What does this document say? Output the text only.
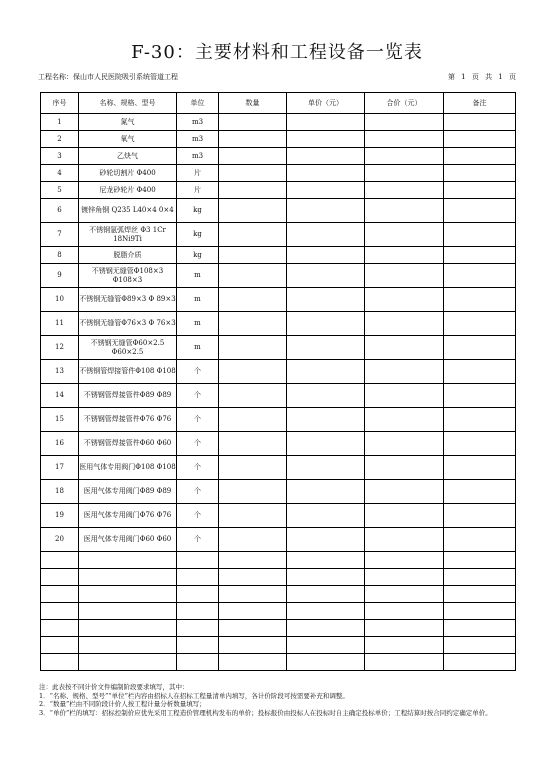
F-30：主要材料和工程设备一览表
工程名称：保山市人民医院吸引系统管道工程	第 1 页 共 1 页
序号	名称、规格、型号	单位	数量	单价（元）	合价（元）	备注
1	氮气	m3				
2	氧气	m3				
3	乙炔气	m3				
4	砂轮切割片 Φ400	片				
5	尼龙砂轮片 Φ400	片				
6	镀锌角钢 Q235 L40×4 0×4	kg				
7	不锈钢氩弧焊丝 Φ3 1Cr 18Ni9Ti	kg				
8	脱脂介质	kg				
9	不锈钢无缝管Φ108×3 Φ108×3	m				
10	不锈钢无缝管Φ89×3 Φ 89×3	m				
11	不锈钢无缝管Φ76×3 Φ 76×3	m				
12	不锈钢无缝管Φ60×2.5 Φ60×2.5	m				
13	不锈钢管焊接管件Φ108 Φ108	个				
14	不锈钢管焊接管件Φ89 Φ89	个				
15	不锈钢管焊接管件Φ76 Φ76	个				
16	不锈钢管焊接管件Φ60 Φ60	个				
17	医用气体专用阀门Φ108 Φ108	个				
18	医用气体专用阀门Φ89 Φ89	个				
19	医用气体专用阀门Φ76 Φ76	个				
20	医用气体专用阀门Φ60 Φ60	个				

注：此表按不同计价文件编制阶段要求填写，其中：
1．“名称、规格、型号”“单位”栏内容由招标人在招标工程量清单内填写，各计价阶段可按需要补充和调整。
2．“数量”栏由不同阶段计价人按工程计量分析数量填写；
3．“单价”栏的填写：招标控制价应优先采用工程造价管理机构发布的单价；投标报价由投标人在投标时自主确定投标单价；工程结算时按合同约定确定单价。
